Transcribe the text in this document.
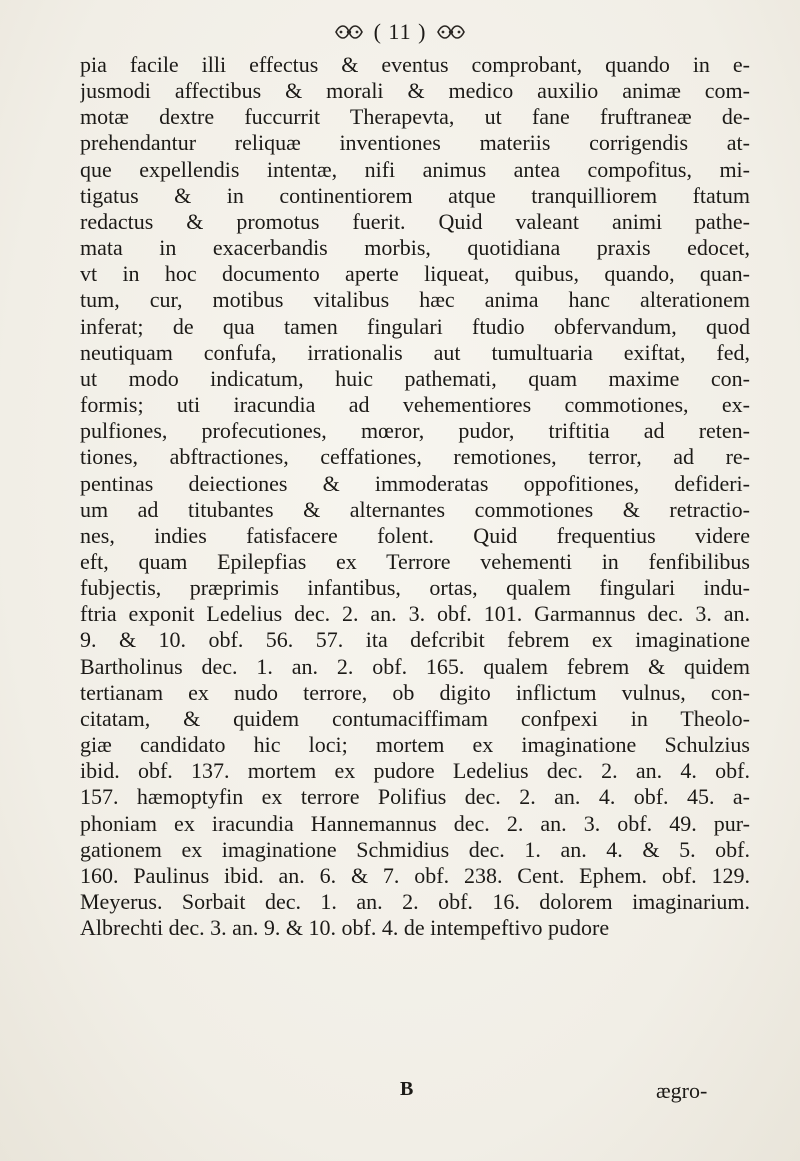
( 11 )
pia facile illi effectus & eventus comprobant, quando in e-
jusmodi affectibus & morali & medico auxilio animæ com-
motæ dextre fuccurrit Therapevta, ut fane fruftraneæ de-
prehendantur reliquæ inventiones materiis corrigendis at-
que expellendis intentæ, nifi animus antea compofitus, mi-
tigatus & in continentiorem atque tranquilliorem ftatum
redactus & promotus fuerit. Quid valeant animi pathe-
mata in exacerbandis morbis, quotidiana praxis edocet,
vt in hoc documento aperte liqueat, quibus, quando, quan-
tum, cur, motibus vitalibus hæc anima hanc alterationem
inferat; de qua tamen fingulari ftudio obfervandum, quod
neutiquam confufa, irrationalis aut tumultuaria exiftat, fed,
ut modo indicatum, huic pathemati, quam maxime con-
formis; uti iracundia ad vehementiores commotiones, ex-
pulfiones, profecutiones, mœror, pudor, triftitia ad reten-
tiones, abftractiones, ceffationes, remotiones, terror, ad re-
pentinas deiectiones & immoderatas oppofitiones, defideri-
um ad titubantes & alternantes commotiones & retractio-
nes, indies fatisfacere folent. Quid frequentius videre
eft, quam Epilepfias ex Terrore vehementi in fenfibilibus
fubjectis, præprimis infantibus, ortas, qualem fingulari indu-
ftria exponit Ledelius dec. 2. an. 3. obf. 101. Garmannus dec. 3. an.
9. & 10. obf. 56. 57. ita defcribit febrem ex imaginatione
Bartholinus dec. 1. an. 2. obf. 165. qualem febrem & quidem
tertianam ex nudo terrore, ob digito inflictum vulnus, con-
citatam, & quidem contumaciffimam confpexi in Theolo-
giæ candidato hic loci; mortem ex imaginatione Schulzius
ibid. obf. 137. mortem ex pudore Ledelius dec. 2. an. 4. obf.
157. hæmoptyfin ex terrore Polifius dec. 2. an. 4. obf. 45. a-
phoniam ex iracundia Hannemannus dec. 2. an. 3. obf. 49. pur-
gationem ex imaginatione Schmidius dec. 1. an. 4. & 5. obf.
160. Paulinus ibid. an. 6. & 7. obf. 238. Cent. Ephem. obf. 129.
Meyerus. Sorbait dec. 1. an. 2. obf. 16. dolorem imaginarium.
Albrechti dec. 3. an. 9. & 10. obf. 4. de intempeftivo pudore
B	ægro-
